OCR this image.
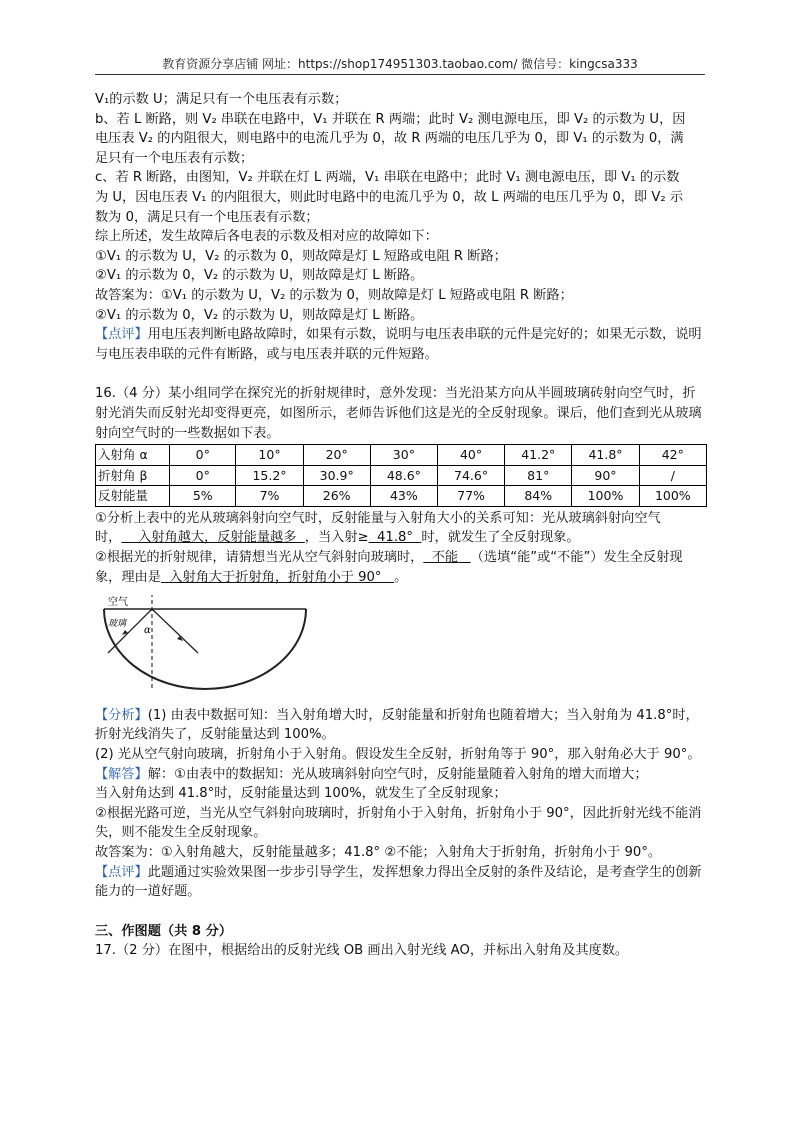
教育资源分享店铺 网址：https://shop174951303.taobao.com/ 微信号：kingcsa333

V₁的示数 U；满足只有一个电压表有示数；

b、若 L 断路，则 V₂ 串联在电路中，V₁ 并联在 R 两端；此时 V₂ 测电源电压，即 V₂ 的示数为 U，因

电压表 V₂ 的内阻很大，则电路中的电流几乎为 0，故 R 两端的电压几乎为 0，即 V₁ 的示数为 0，满

足只有一个电压表有示数；

c、若 R 断路，由图知，V₂ 并联在灯 L 两端，V₁ 串联在电路中；此时 V₁ 测电源电压，即 V₁ 的示数

为 U，因电压表 V₁ 的内阻很大，则此时电路中的电流几乎为 0，故 L 两端的电压几乎为 0，即 V₂ 示

数为 0，满足只有一个电压表有示数；

综上所述，发生故障后各电表的示数及相对应的故障如下：

①V₁ 的示数为 U，V₂ 的示数为 0，则故障是灯 L 短路或电阻 R 断路；

②V₁ 的示数为 0，V₂ 的示数为 U，则故障是灯 L 断路。

故答案为：①V₁ 的示数为 U，V₂ 的示数为 0，则故障是灯 L 短路或电阻 R 断路；

②V₁ 的示数为 0，V₂ 的示数为 U，则故障是灯 L 断路。

【点评】用电压表判断电路故障时，如果有示数，说明与电压表串联的元件是完好的；如果无示数，说明与电压表串联的元件有断路，或与电压表并联的元件短路。

16.（4 分）某小组同学在探究光的折射规律时，意外发现：当光沿某方向从半圆玻璃砖射向空气时，折射光消失而反射光却变得更亮，如图所示，老师告诉他们这是光的全反射现象。课后，他们查到光从玻璃射向空气时的一些数据如下表。

入射角 α	0°	10°	20°	30°	40°	41.2°	41.8°	42°
折射角 β	0°	15.2°	30.9°	48.6°	74.6°	81°	90°	/
反射能量	5%	7%	26%	43%	77%	84%	100%	100%

①分析上表中的光从玻璃斜射向空气时，反射能量与入射角大小的关系可知：光从玻璃斜射向空气时， 入射角越大，反射能量越多 ，当入射≥ 41.8° 时，就发生了全反射现象。

②根据光的折射规律，请猜想当光从空气斜射向玻璃时， 不能 （选填“能”或“不能”）发生全反射现象，理由是 入射角大于折射角，折射角小于 90° 。

空气
玻璃
α

【分析】(1) 由表中数据可知：当入射角增大时，反射能量和折射角也随着增大；当入射角为 41.8°时，折射光线消失了，反射能量达到 100%。

(2) 光从空气射向玻璃，折射角小于入射角。假设发生全反射，折射角等于 90°，那入射角必大于 90°。

【解答】解：①由表中的数据知：光从玻璃斜射向空气时，反射能量随着入射角的增大而增大；

当入射角达到 41.8°时，反射能量达到 100%，就发生了全反射现象；

②根据光路可逆，当光从空气斜射向玻璃时，折射角小于入射角，折射角小于 90°，因此折射光线不能消失，则不能发生全反射现象。

故答案为：①入射角越大，反射能量越多；41.8° ②不能；入射角大于折射角，折射角小于 90°。

【点评】此题通过实验效果图一步步引导学生，发挥想象力得出全反射的条件及结论，是考查学生的创新能力的一道好题。

三、作图题（共 8 分）

17.（2 分）在图中，根据给出的反射光线 OB 画出入射光线 AO，并标出入射角及其度数。
